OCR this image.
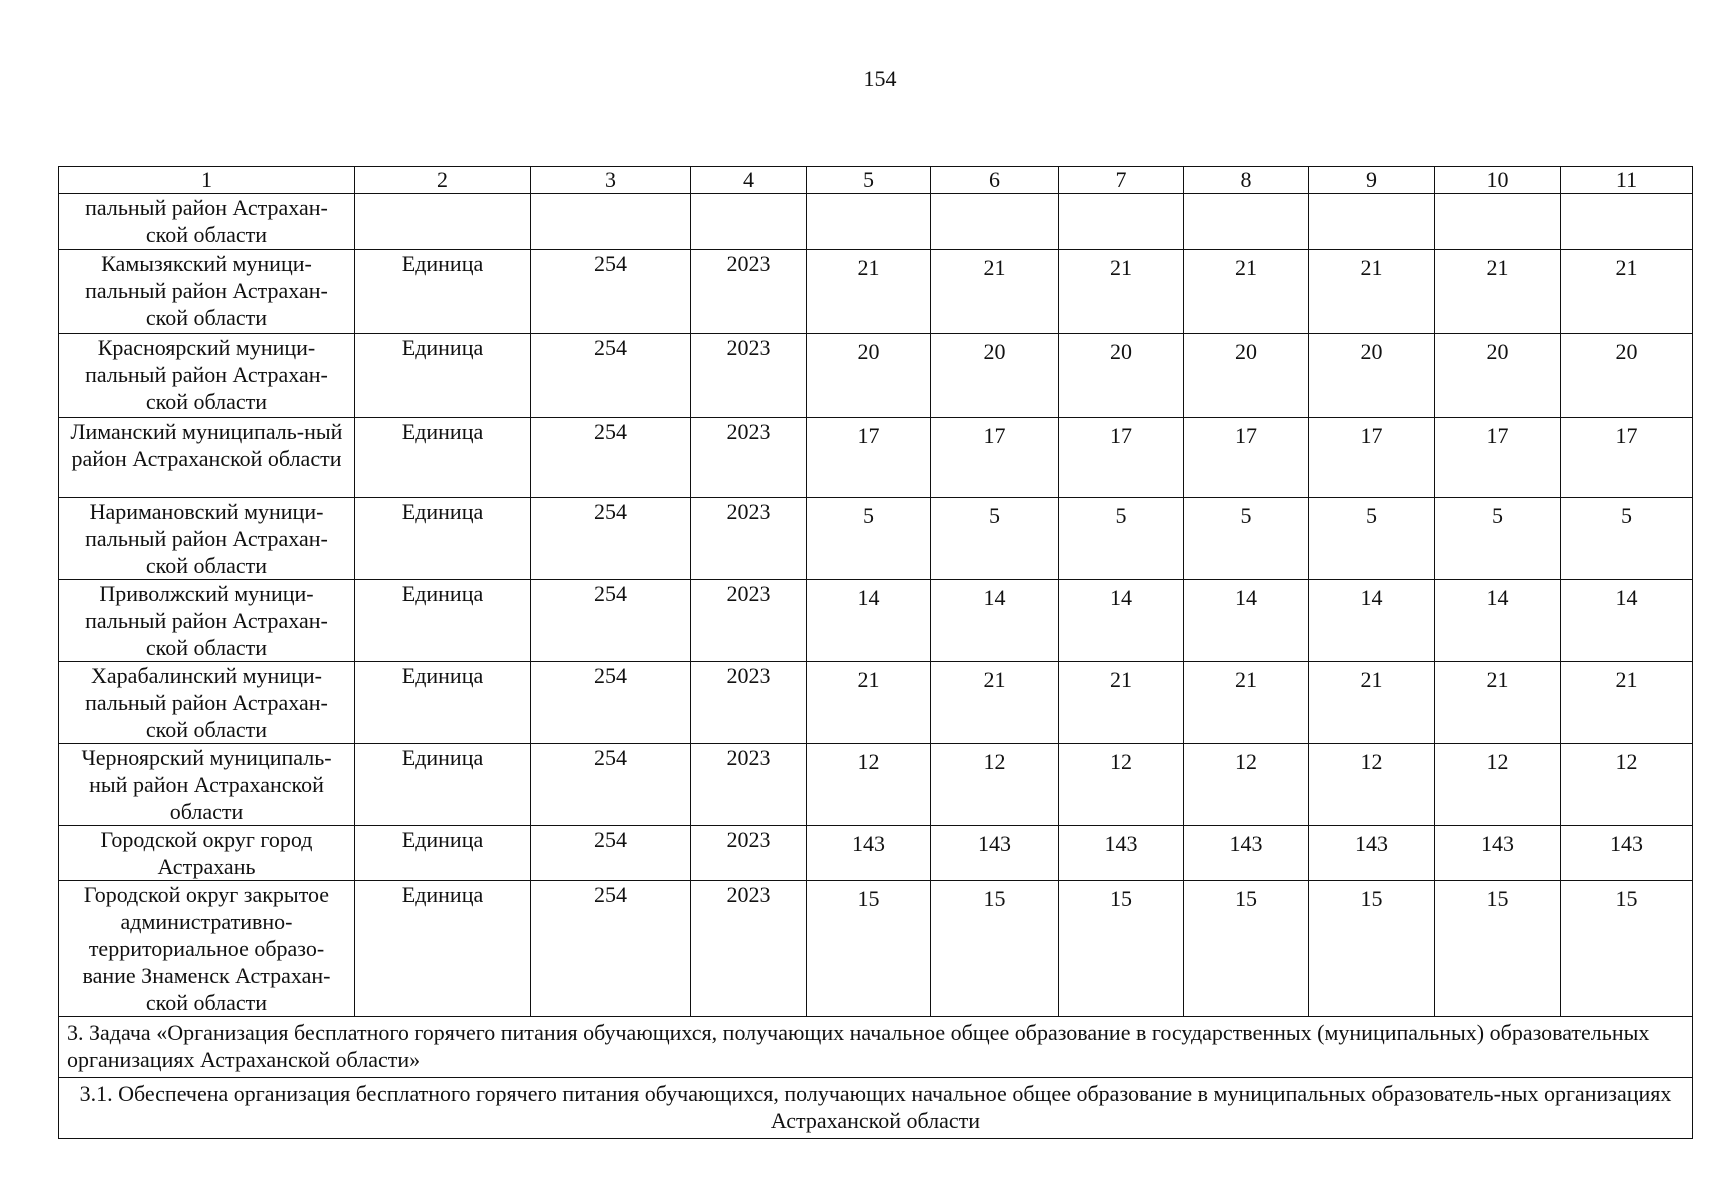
154
1	2	3	4	5	6	7	8	9	10	11
пальный район Астрахан-ской области										
Камызякский муници-пальный район Астрахан-ской области	Единица	254	2023	21	21	21	21	21	21	21
Красноярский муници-пальный район Астрахан-ской области	Единица	254	2023	20	20	20	20	20	20	20
Лиманский муниципаль-ный район Астраханской области	Единица	254	2023	17	17	17	17	17	17	17
Наримановский муници-пальный район Астрахан-ской области	Единица	254	2023	5	5	5	5	5	5	5
Приволжский муници-пальный район Астрахан-ской области	Единица	254	2023	14	14	14	14	14	14	14
Харабалинский муници-пальный район Астрахан-ской области	Единица	254	2023	21	21	21	21	21	21	21
Черноярский муниципаль-ный район Астраханской области	Единица	254	2023	12	12	12	12	12	12	12
Городской округ город Астрахань	Единица	254	2023	143	143	143	143	143	143	143
Городской округ закрытое административно-территориальное образо-вание Знаменск Астрахан-ской области	Единица	254	2023	15	15	15	15	15	15	15
3. Задача «Организация бесплатного горячего питания обучающихся, получающих начальное общее образование в государственных (муниципальных) образовательных организациях Астраханской области»										
3.1. Обеспечена организация бесплатного горячего питания обучающихся, получающих начальное общее образование в муниципальных образователь-ных организациях Астраханской области										
